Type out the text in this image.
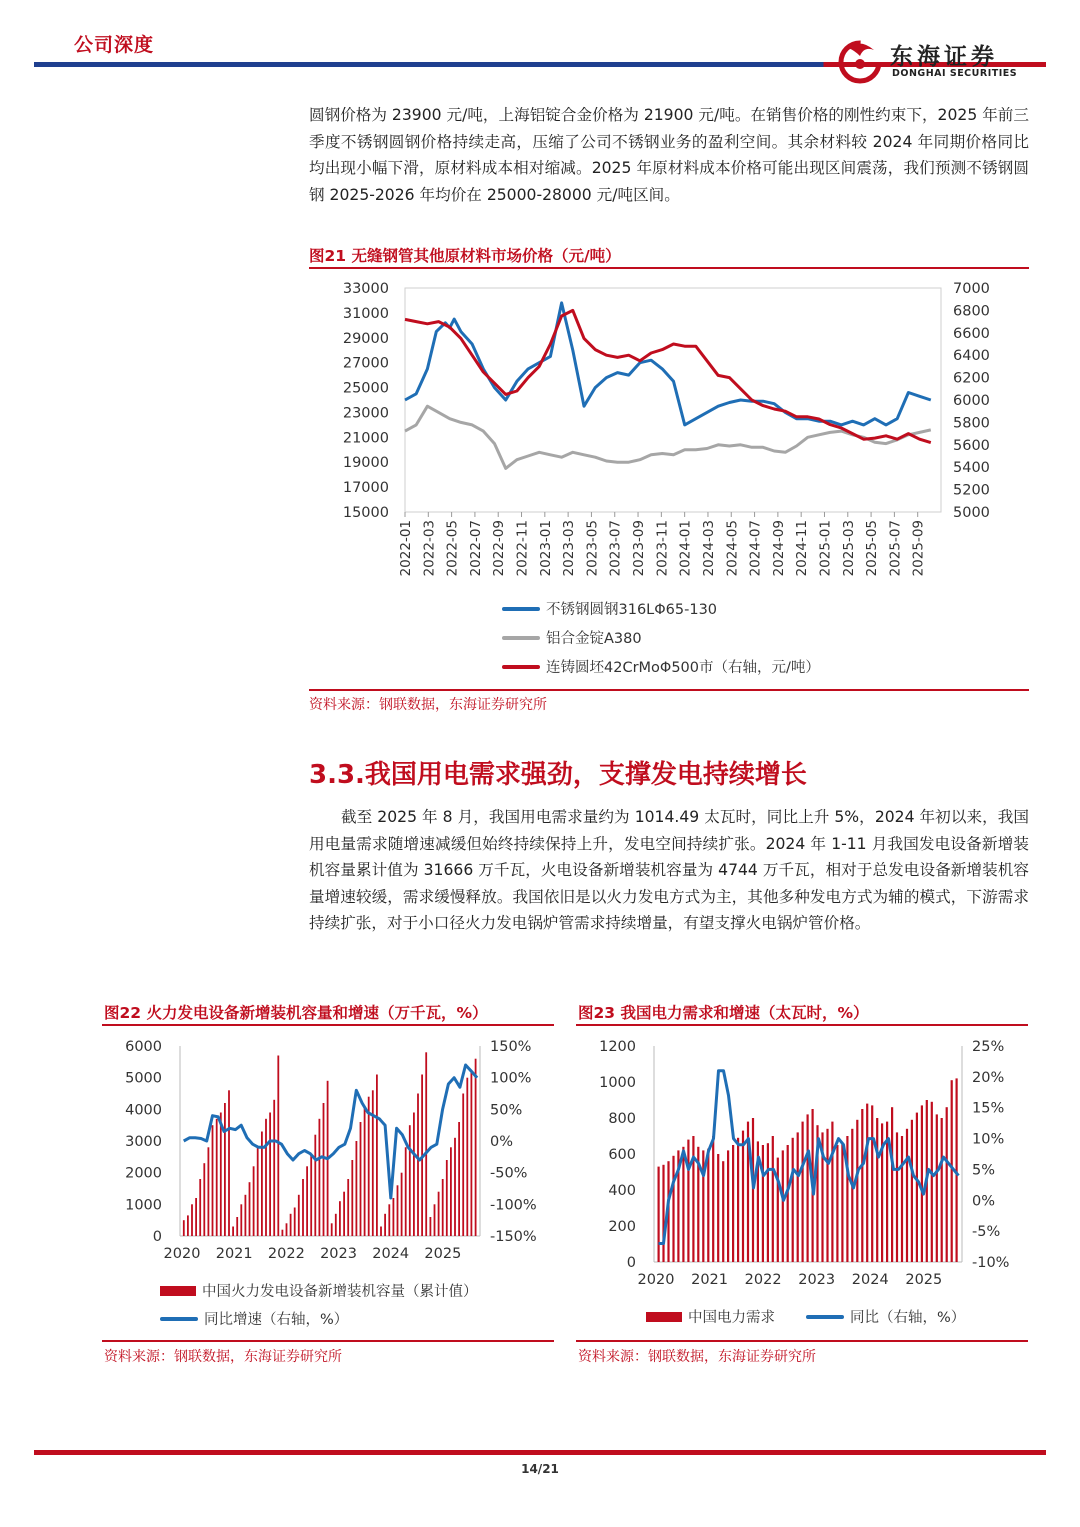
公司深度	东海证券
DONGHAI SECURITIES

圆钢价格为 23900 元/吨，上海铝锭合金价格为 21900 元/吨。在销售价格的刚性约束下，2025 年前三季度不锈钢圆钢价格持续走高，压缩了公司不锈钢业务的盈利空间。其余材料较 2024 年同期价格同比均出现小幅下滑，原材料成本相对缩减。2025 年原材料成本价格可能出现区间震荡，我们预测不锈钢圆钢 2025-2026 年均价在 25000-28000 元/吨区间。

图21 无缝钢管其他原材料市场价格（元/吨）
15000
17000
19000
21000
23000
25000
27000
29000
31000
33000
5000
5200
5400
5600
5800
6000
6200
6400
6600
6800
7000
2022-01 2022-03 2022-05 2022-07 2022-09 2022-11 2023-01 2023-03 2023-05 2023-07 2023-09 2023-11 2024-01 2024-03 2024-05 2024-07 2024-09 2024-11 2025-01 2025-03 2025-05 2025-07 2025-09
不锈钢圆钢316LΦ65-130
铝合金锭A380
连铸圆坯42CrMoΦ500市（右轴，元/吨）
资料来源：钢联数据，东海证券研究所
3.3.我国用电需求强劲，支撑发电持续增长

截至 2025 年 8 月，我国用电需求量约为 1014.49 太瓦时，同比上升 5%，2024 年初以来，我国用电量需求随增速减缓但始终持续保持上升，发电空间持续扩张。2024 年 1-11 月我国发电设备新增装机容量累计值为 31666 万千瓦，火电设备新增装机容量为 4744 万千瓦，相对于总发电设备新增装机容量增速较缓，需求缓慢释放。我国依旧是以火力发电方式为主，其他多种发电方式为辅的模式，下游需求持续扩张，对于小口径火力发电锅炉管需求持续增量，有望支撑火电锅炉管价格。

图22 火力发电设备新增装机容量和增速（万千瓦，%）
0
1000
2000
3000
4000
5000
6000
-150%
-100%
-50%
0%
50%
100%
150%
2020 2021 2022 2023 2024 2025
中国火力发电设备新增装机容量（累计值）
同比增速（右轴，%）
资料来源：钢联数据，东海证券研究所
图23 我国电力需求和增速（太瓦时，%）
0
200
400
600
800
1000
1200
-10%
-5%
0%
5%
10%
15%
20%
25%
2020 2021 2022 2023 2024 2025
中国电力需求	同比（右轴，%）
资料来源：钢联数据，东海证券研究所
14/21
